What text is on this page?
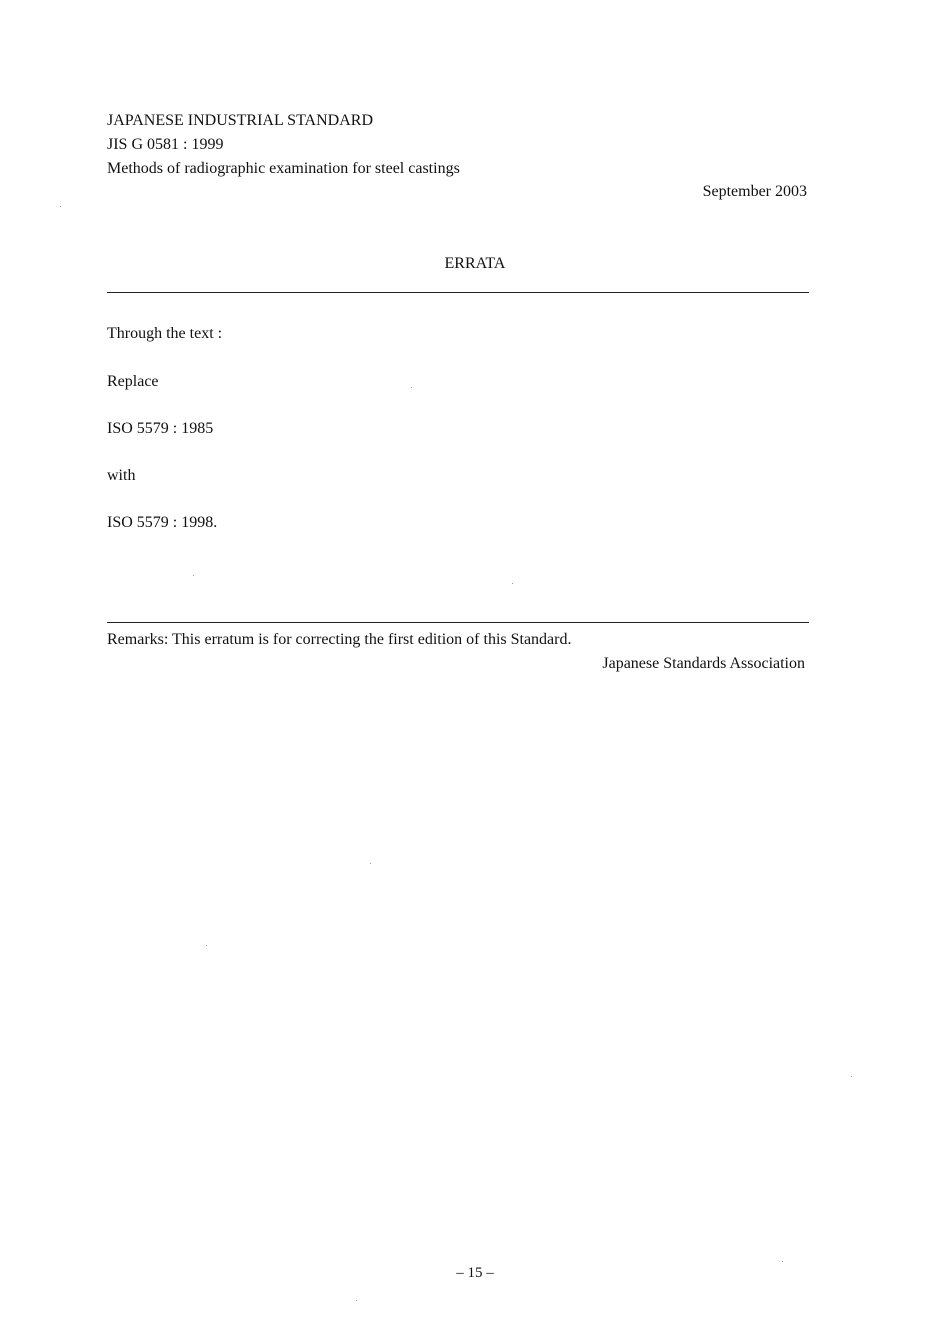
JAPANESE INDUSTRIAL STANDARD
JIS G 0581 : 1999
Methods of radiographic examination for steel castings
September 2003
ERRATA
Through the text :
Replace
ISO 5579 : 1985
with
ISO 5579 : 1998.
Remarks: This erratum is for correcting the first edition of this Standard.
Japanese Standards Association
– 15 –
